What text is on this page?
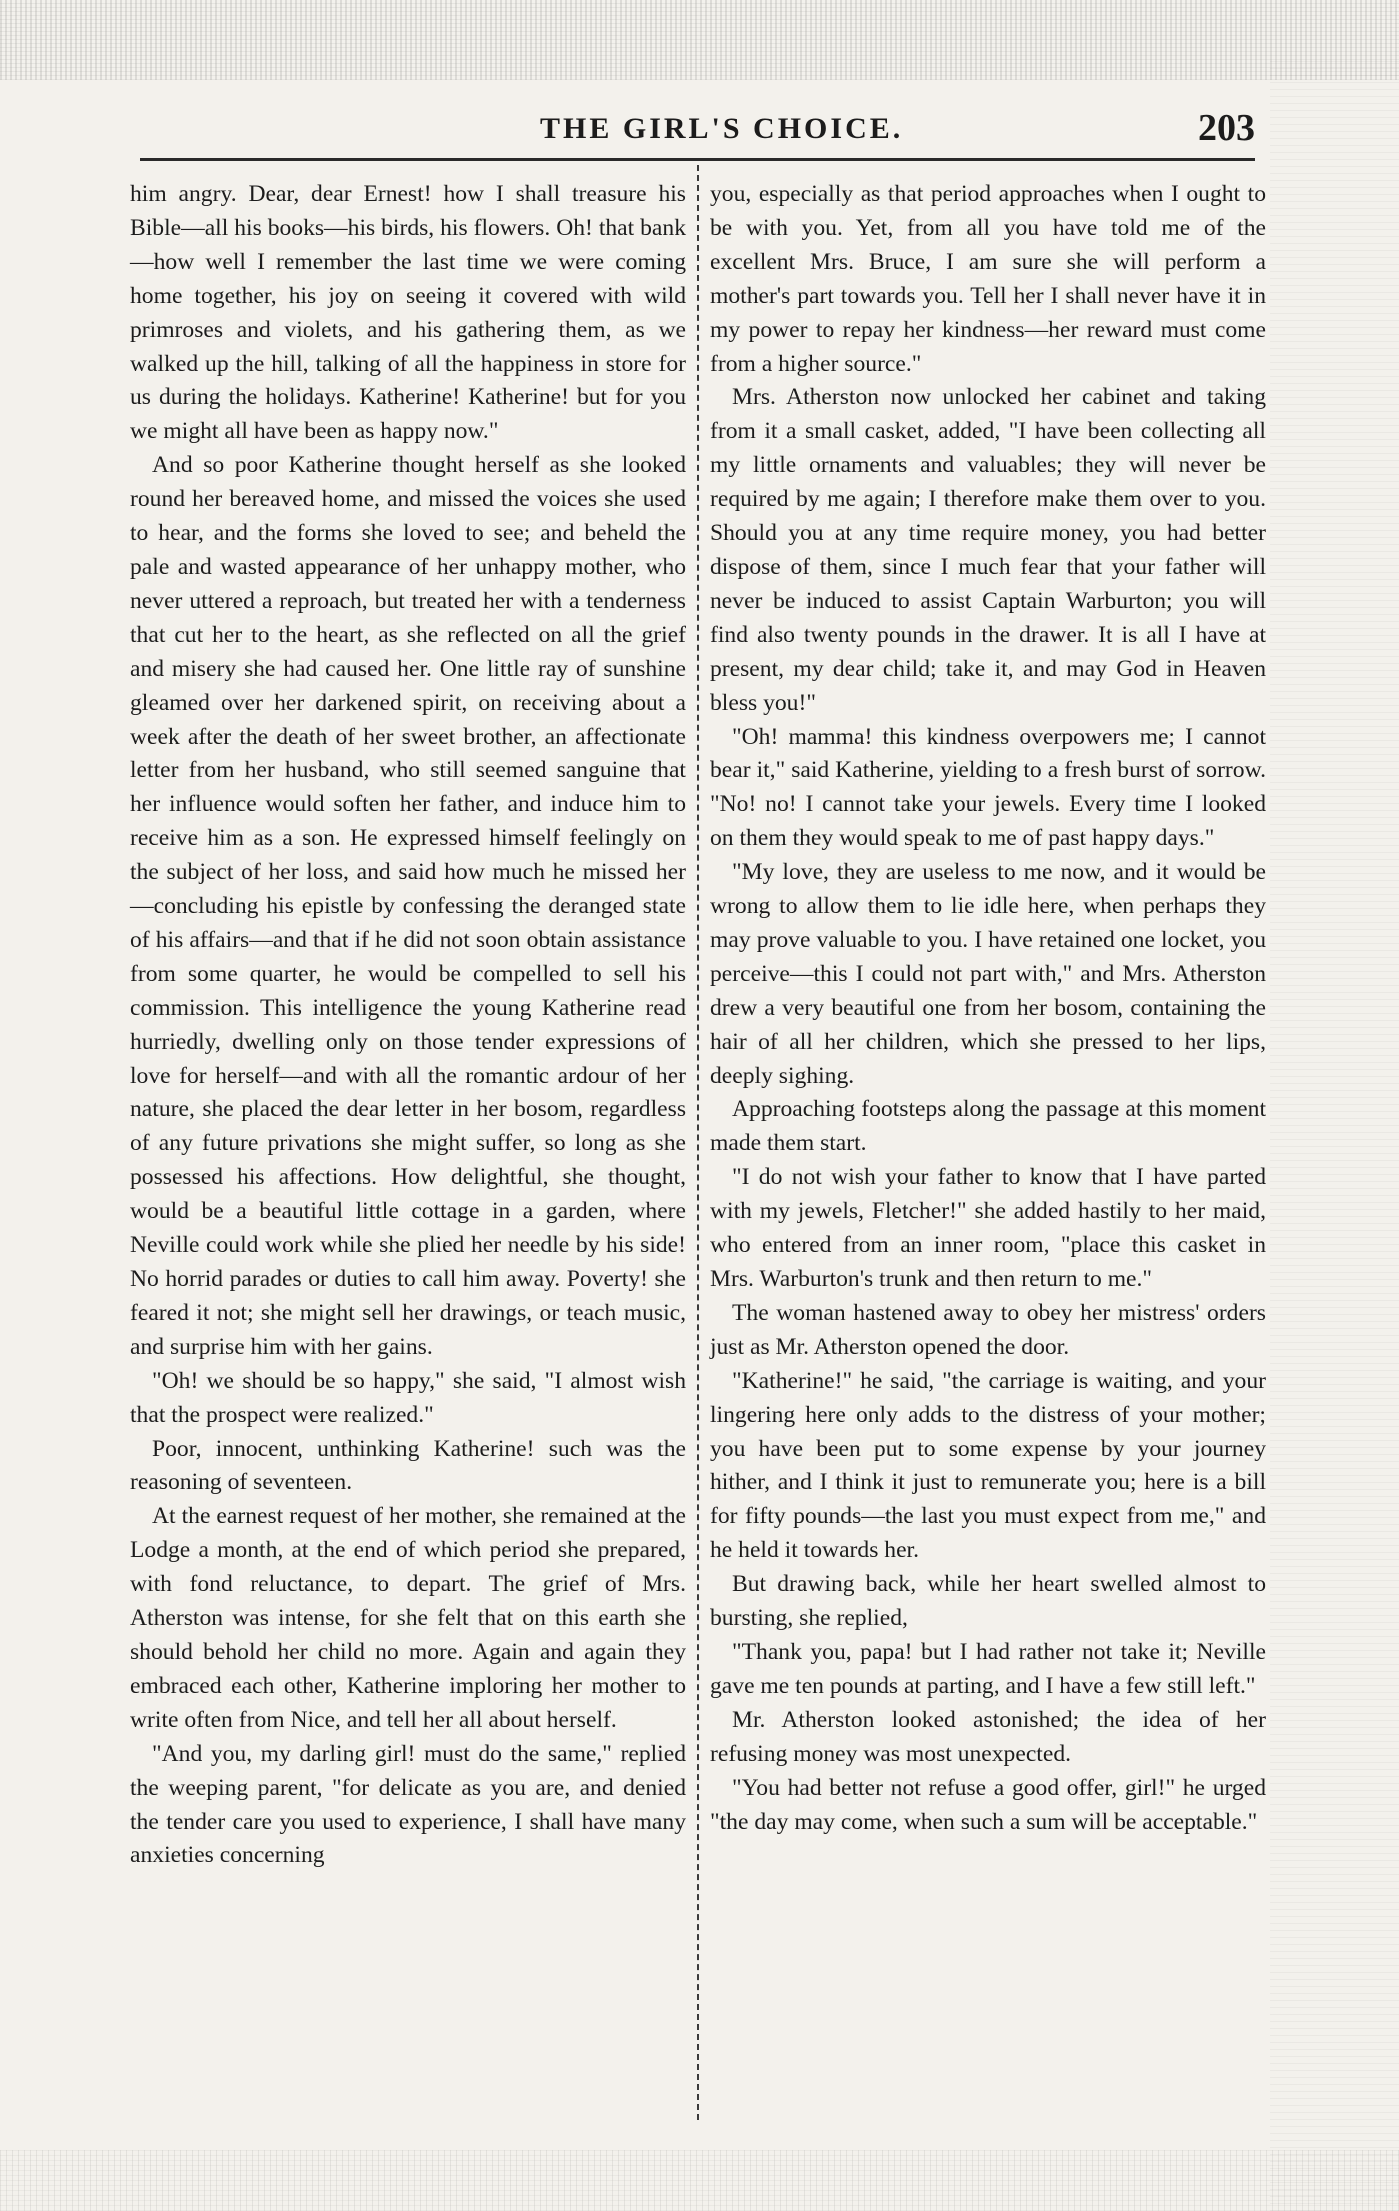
THE GIRL'S CHOICE.	203

him angry. Dear, dear Ernest! how I shall treasure his Bible—all his books—his birds, his flowers. Oh! that bank—how well I remember the last time we were coming home together, his joy on seeing it covered with wild primroses and violets, and his gathering them, as we walked up the hill, talking of all the happiness in store for us during the holidays. Katherine! Katherine! but for you we might all have been as happy now."

And so poor Katherine thought herself as she looked round her bereaved home, and missed the voices she used to hear, and the forms she loved to see; and beheld the pale and wasted appearance of her unhappy mother, who never uttered a reproach, but treated her with a tenderness that cut her to the heart, as she reflected on all the grief and misery she had caused her. One little ray of sunshine gleamed over her darkened spirit, on receiving about a week after the death of her sweet brother, an affectionate letter from her husband, who still seemed sanguine that her influence would soften her father, and induce him to receive him as a son. He expressed himself feelingly on the subject of her loss, and said how much he missed her—concluding his epistle by confessing the deranged state of his affairs—and that if he did not soon obtain assistance from some quarter, he would be compelled to sell his commission. This intelligence the young Katherine read hurriedly, dwelling only on those tender expressions of love for herself—and with all the romantic ardour of her nature, she placed the dear letter in her bosom, regardless of any future privations she might suffer, so long as she possessed his affections. How delightful, she thought, would be a beautiful little cottage in a garden, where Neville could work while she plied her needle by his side! No horrid parades or duties to call him away. Poverty! she feared it not; she might sell her drawings, or teach music, and surprise him with her gains.

"Oh! we should be so happy," she said, "I almost wish that the prospect were realized."

Poor, innocent, unthinking Katherine! such was the reasoning of seventeen.

At the earnest request of her mother, she remained at the Lodge a month, at the end of which period she prepared, with fond reluctance, to depart. The grief of Mrs. Atherston was intense, for she felt that on this earth she should behold her child no more. Again and again they embraced each other, Katherine imploring her mother to write often from Nice, and tell her all about herself.

"And you, my darling girl! must do the same," replied the weeping parent, "for delicate as you are, and denied the tender care you used to experience, I shall have many anxieties concerning

you, especially as that period approaches when I ought to be with you. Yet, from all you have told me of the excellent Mrs. Bruce, I am sure she will perform a mother's part towards you. Tell her I shall never have it in my power to repay her kindness—her reward must come from a higher source."

Mrs. Atherston now unlocked her cabinet and taking from it a small casket, added, "I have been collecting all my little ornaments and valuables; they will never be required by me again; I therefore make them over to you. Should you at any time require money, you had better dispose of them, since I much fear that your father will never be induced to assist Captain Warburton; you will find also twenty pounds in the drawer. It is all I have at present, my dear child; take it, and may God in Heaven bless you!"

"Oh! mamma! this kindness overpowers me; I cannot bear it," said Katherine, yielding to a fresh burst of sorrow. "No! no! I cannot take your jewels. Every time I looked on them they would speak to me of past happy days."

"My love, they are useless to me now, and it would be wrong to allow them to lie idle here, when perhaps they may prove valuable to you. I have retained one locket, you perceive—this I could not part with," and Mrs. Atherston drew a very beautiful one from her bosom, containing the hair of all her children, which she pressed to her lips, deeply sighing.

Approaching footsteps along the passage at this moment made them start.

"I do not wish your father to know that I have parted with my jewels, Fletcher!" she added hastily to her maid, who entered from an inner room, "place this casket in Mrs. Warburton's trunk and then return to me."

The woman hastened away to obey her mistress' orders just as Mr. Atherston opened the door.

"Katherine!" he said, "the carriage is waiting, and your lingering here only adds to the distress of your mother; you have been put to some expense by your journey hither, and I think it just to remunerate you; here is a bill for fifty pounds—the last you must expect from me," and he held it towards her.

But drawing back, while her heart swelled almost to bursting, she replied,

"Thank you, papa! but I had rather not take it; Neville gave me ten pounds at parting, and I have a few still left."

Mr. Atherston looked astonished; the idea of her refusing money was most unexpected.

"You had better not refuse a good offer, girl!" he urged "the day may come, when such a sum will be acceptable."
